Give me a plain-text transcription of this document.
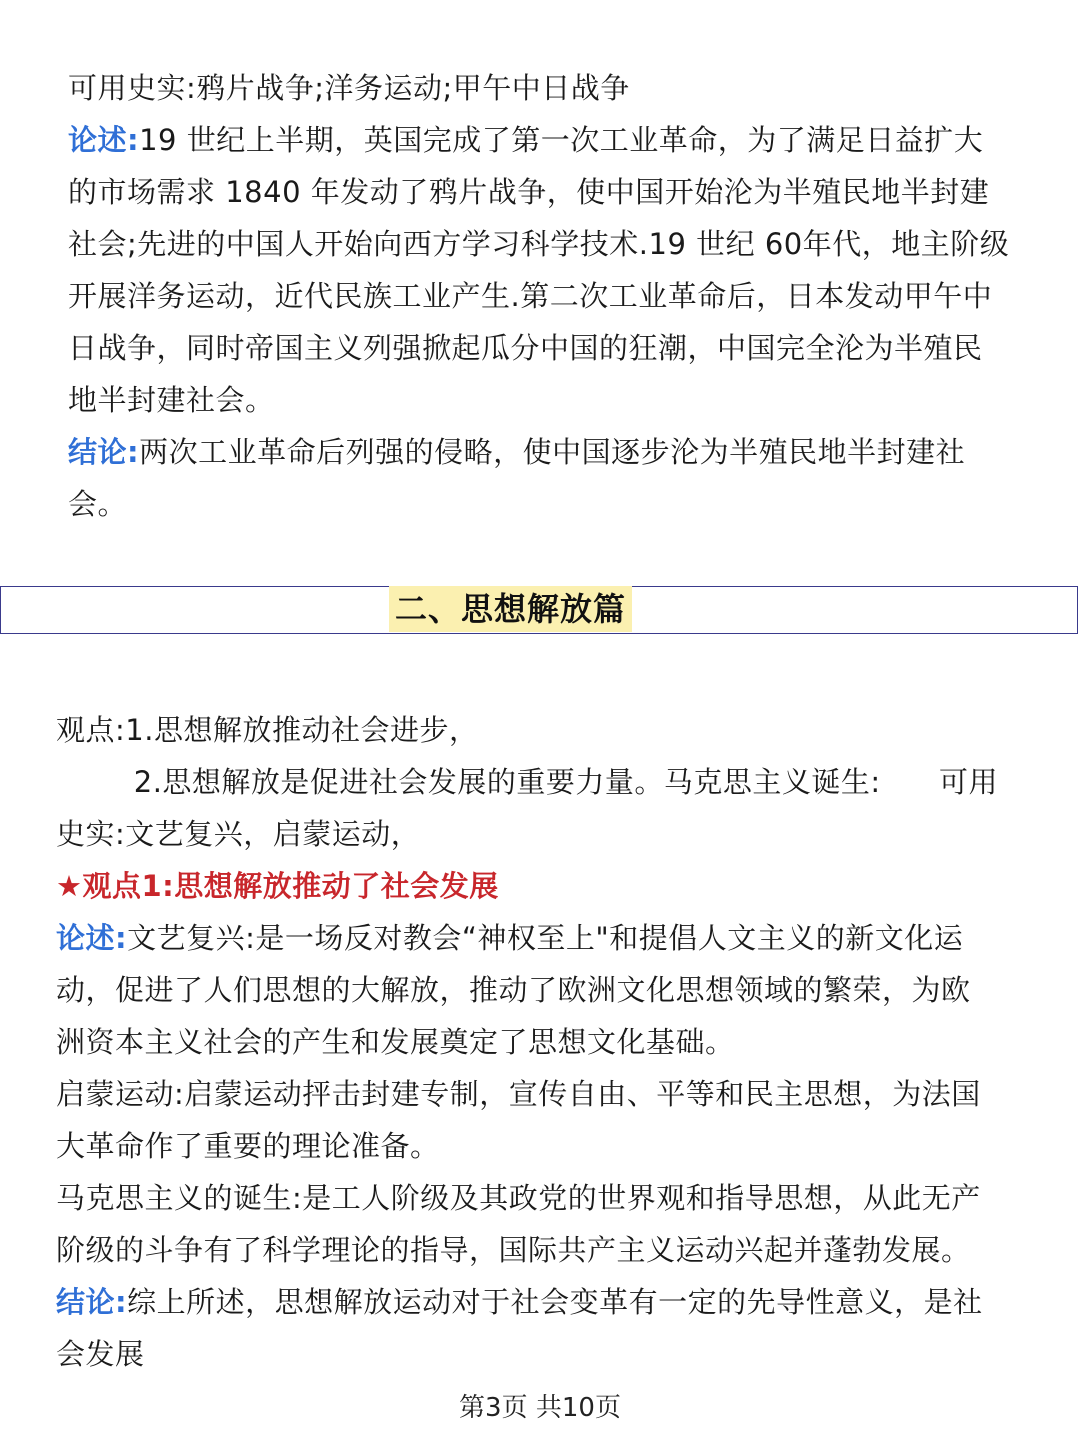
可用史实:鸦片战争;洋务运动;甲午中日战争

论述:19 世纪上半期，英国完成了第一次工业革命，为了满足日益扩大

的市场需求 1840 年发动了鸦片战争，使中国开始沦为半殖民地半封建

社会;先进的中国人开始向西方学习科学技术.19 世纪 60年代，地主阶级

开展洋务运动，近代民族工业产生.第二次工业革命后，日本发动甲午中

日战争，同时帝国主义列强掀起瓜分中国的狂潮，中国完全沦为半殖民

地半封建社会。

结论:两次工业革命后列强的侵略，使中国逐步沦为半殖民地半封建社

会。

二、思想解放篇

观点:1.思想解放推动社会进步，

2.思想解放是促进社会发展的重要力量。马克思主义诞生:      可用

史实:文艺复兴，启蒙运动，

★观点1:思想解放推动了社会发展

论述:文艺复兴:是一场反对教会“神权至上"和提倡人文主义的新文化运

动，促进了人们思想的大解放，推动了欧洲文化思想领域的繁荣，为欧

洲资本主义社会的产生和发展奠定了思想文化基础。

启蒙运动:启蒙运动抨击封建专制，宣传自由、平等和民主思想，为法国

大革命作了重要的理论准备。

马克思主义的诞生:是工人阶级及其政党的世界观和指导思想，从此无产

阶级的斗争有了科学理论的指导，国际共产主义运动兴起并蓬勃发展。

结论:综上所述，思想解放运动对于社会变革有一定的先导性意义，是社

会发展

第3页 共10页
